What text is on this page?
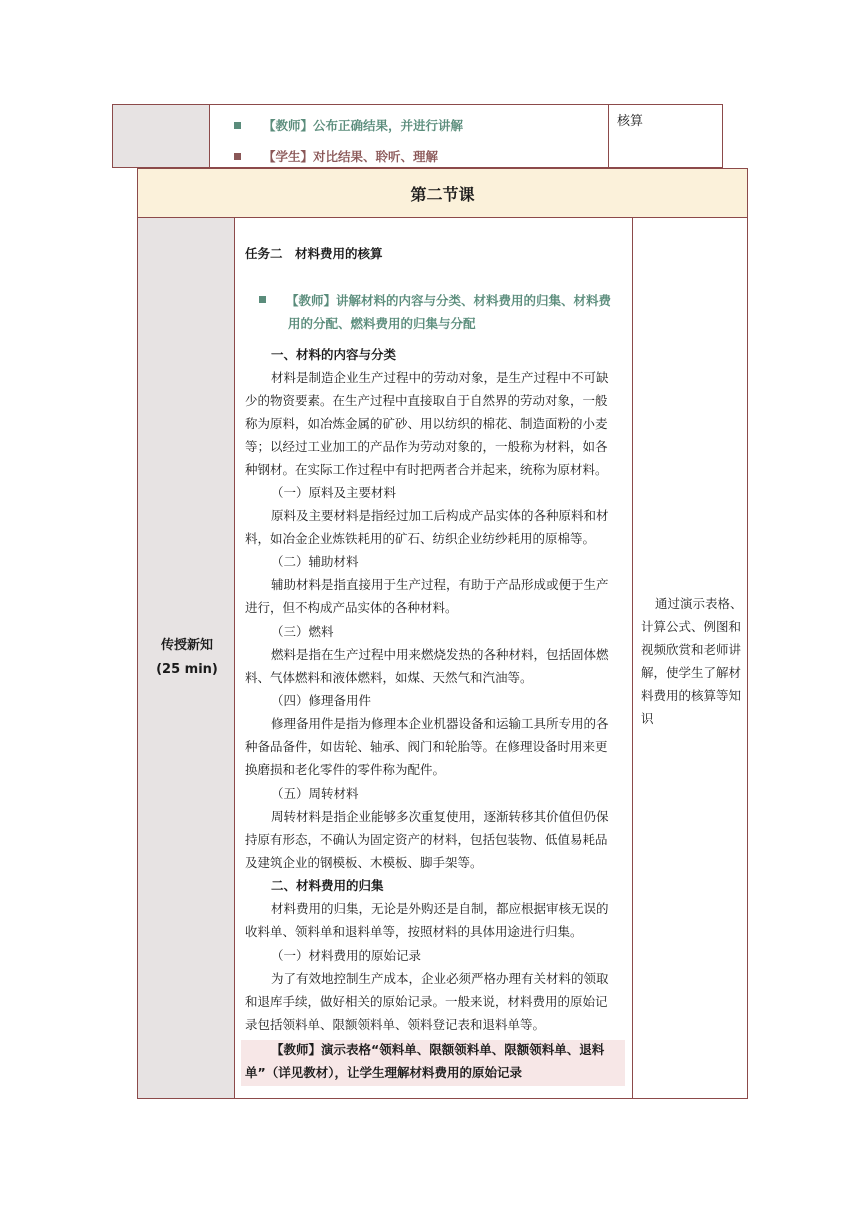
【教师】公布正确结果，并进行讲解
【学生】对比结果、聆听、理解
核算
第二节课
传授新知
(25 min)
任务二　材料费用的核算
【教师】讲解材料的内容与分类、材料费用的归集、材料费
用的分配、燃料费用的归集与分配
一、材料的内容与分类
材料是制造企业生产过程中的劳动对象，是生产过程中不可缺
少的物资要素。在生产过程中直接取自于自然界的劳动对象，一般
称为原料，如冶炼金属的矿砂、用以纺织的棉花、制造面粉的小麦
等；以经过工业加工的产品作为劳动对象的，一般称为材料，如各
种钢材。在实际工作过程中有时把两者合并起来，统称为原材料。
（一）原料及主要材料
原料及主要材料是指经过加工后构成产品实体的各种原料和材
料，如冶金企业炼铁耗用的矿石、纺织企业纺纱耗用的原棉等。
（二）辅助材料
辅助材料是指直接用于生产过程，有助于产品形成或便于生产
进行，但不构成产品实体的各种材料。
（三）燃料
燃料是指在生产过程中用来燃烧发热的各种材料，包括固体燃
料、气体燃料和液体燃料，如煤、天然气和汽油等。
（四）修理备用件
修理备用件是指为修理本企业机器设备和运输工具所专用的各
种备品备件，如齿轮、轴承、阀门和轮胎等。在修理设备时用来更
换磨损和老化零件的零件称为配件。
（五）周转材料
周转材料是指企业能够多次重复使用，逐渐转移其价值但仍保
持原有形态，不确认为固定资产的材料，包括包装物、低值易耗品
及建筑企业的钢模板、木模板、脚手架等。
二、材料费用的归集
材料费用的归集，无论是外购还是自制，都应根据审核无误的
收料单、领料单和退料单等，按照材料的具体用途进行归集。
（一）材料费用的原始记录
为了有效地控制生产成本，企业必须严格办理有关材料的领取
和退库手续，做好相关的原始记录。一般来说，材料费用的原始记
录包括领料单、限额领料单、领料登记表和退料单等。
【教师】演示表格“领料单、限额领料单、限额领料单、退料
单”（详见教材），让学生理解材料费用的原始记录
通过演示表格、计算公式、例图和视频欣赏和老师讲解，使学生了解材料费用的核算等知识
